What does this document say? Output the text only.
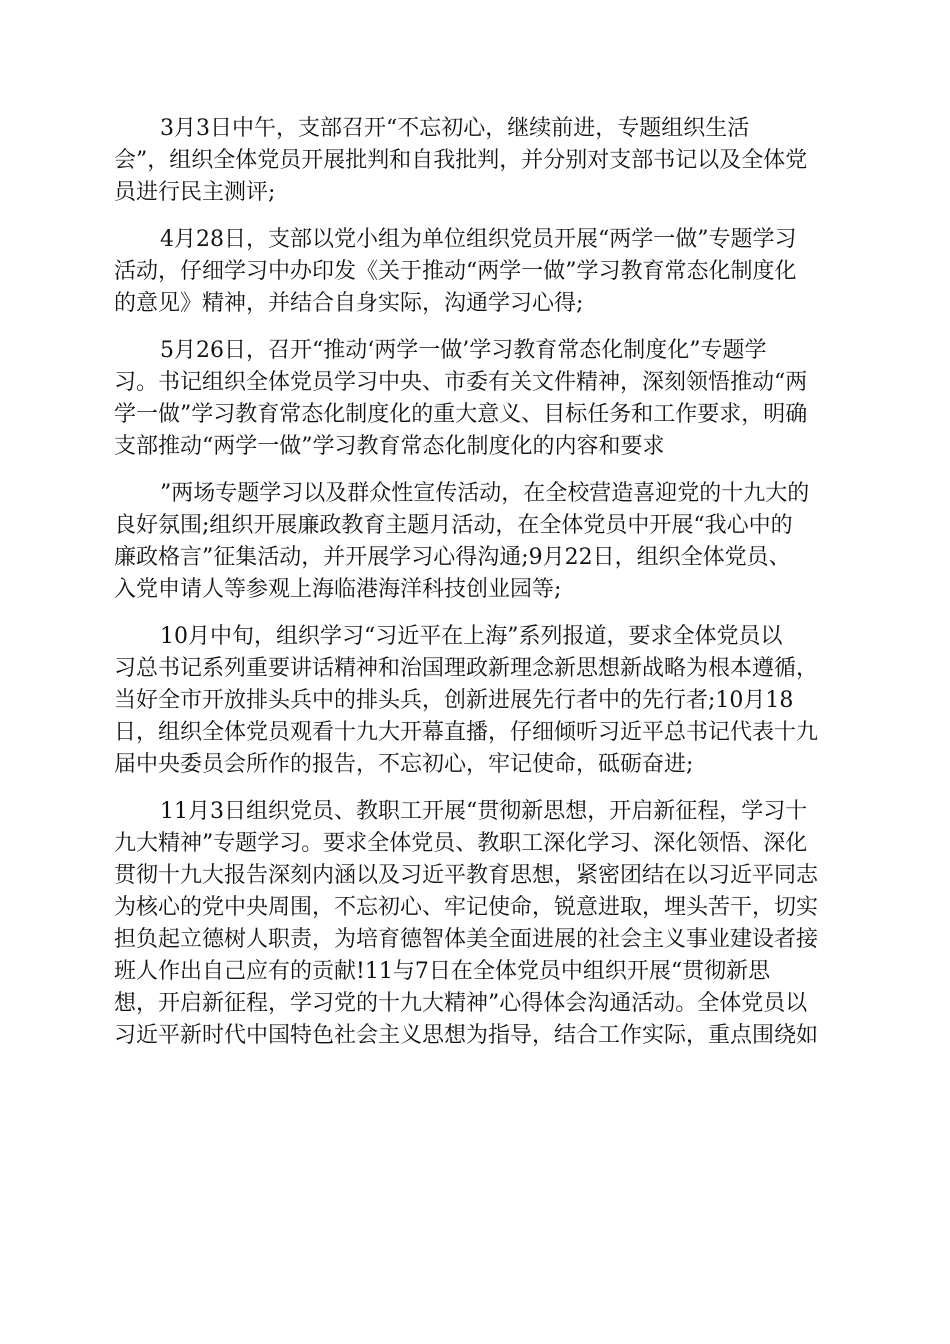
3月3日中午，支部召开“不忘初心，继续前进，专题组织生活
会”，组织全体党员开展批判和自我批判，并分别对支部书记以及全体党
员进行民主测评;
4月28日，支部以党小组为单位组织党员开展“两学一做”专题学习
活动，仔细学习中办印发《关于推动“两学一做”学习教育常态化制度化
的意见》精神，并结合自身实际，沟通学习心得;
5月26日，召开“推动‘两学一做’学习教育常态化制度化”专题学
习。书记组织全体党员学习中央、市委有关文件精神，深刻领悟推动“两
学一做”学习教育常态化制度化的重大意义、目标任务和工作要求，明确
支部推动“两学一做”学习教育常态化制度化的内容和要求
”两场专题学习以及群众性宣传活动，在全校营造喜迎党的十九大的
良好氛围;组织开展廉政教育主题月活动，在全体党员中开展“我心中的
廉政格言”征集活动，并开展学习心得沟通;9月22日，组织全体党员、
入党申请人等参观上海临港海洋科技创业园等;
10月中旬，组织学习“习近平在上海”系列报道，要求全体党员以
习总书记系列重要讲话精神和治国理政新理念新思想新战略为根本遵循，
当好全市开放排头兵中的排头兵，创新进展先行者中的先行者;10月18
日，组织全体党员观看十九大开幕直播，仔细倾听习近平总书记代表十九
届中央委员会所作的报告，不忘初心，牢记使命，砥砺奋进;
11月3日组织党员、教职工开展“贯彻新思想，开启新征程，学习十
九大精神”专题学习。要求全体党员、教职工深化学习、深化领悟、深化
贯彻十九大报告深刻内涵以及习近平教育思想，紧密团结在以习近平同志
为核心的党中央周围，不忘初心、牢记使命，锐意进取，埋头苦干，切实
担负起立德树人职责，为培育德智体美全面进展的社会主义事业建设者接
班人作出自己应有的贡献!11与7日在全体党员中组织开展“贯彻新思
想，开启新征程，学习党的十九大精神”心得体会沟通活动。全体党员以
习近平新时代中国特色社会主义思想为指导，结合工作实际，重点围绕如
